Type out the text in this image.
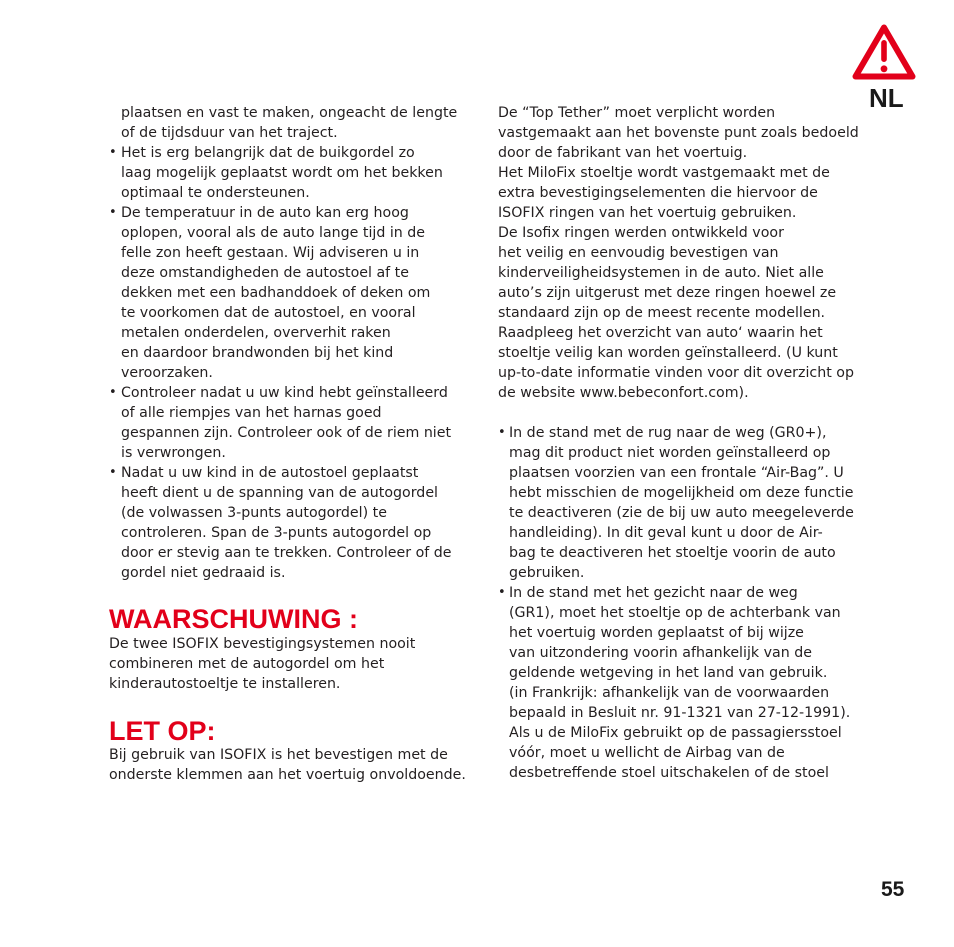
NL
plaatsen en vast te maken, ongeacht de lengte
of de tijdsduur van het traject.
• Het is erg belangrijk dat de buikgordel zo
laag mogelijk geplaatst wordt om het bekken
optimaal te ondersteunen.
• De temperatuur in de auto kan erg hoog
oplopen, vooral als de auto lange tijd in de
felle zon heeft gestaan. Wij adviseren u in
deze omstandigheden de autostoel af te
dekken met een badhanddoek of deken om
te voorkomen dat de autostoel, en vooral
metalen onderdelen, oververhit raken
en daardoor brandwonden bij het kind
veroorzaken.
• Controleer nadat u uw kind hebt geïnstalleerd
of alle riempjes van het harnas goed
gespannen zijn. Controleer ook of de riem niet
is verwrongen.
• Nadat u uw kind in de autostoel geplaatst
heeft dient u de spanning van de autogordel
(de volwassen 3-punts autogordel) te
controleren. Span de 3-punts autogordel op
door er stevig aan te trekken. Controleer of de
gordel niet gedraaid is.
WAARSCHUWING :
De twee ISOFIX bevestigingsystemen nooit
combineren met de autogordel om het
kinderautostoeltje te installeren.
LET OP:
Bij gebruik van ISOFIX is het bevestigen met de
onderste klemmen aan het voertuig onvoldoende.
De “Top Tether” moet verplicht worden
vastgemaakt aan het bovenste punt zoals bedoeld
door de fabrikant van het voertuig.
Het MiloFix stoeltje wordt vastgemaakt met de
extra bevestigingselementen die hiervoor de
ISOFIX ringen van het voertuig gebruiken.
De Isofix ringen werden ontwikkeld voor
het veilig en eenvoudig bevestigen van
kinderveiligheidsystemen in de auto. Niet alle
auto’s zijn uitgerust met deze ringen hoewel ze
standaard zijn op de meest recente modellen.
Raadpleeg het overzicht van auto‘ waarin het
stoeltje veilig kan worden geïnstalleerd. (U kunt
up-to-date informatie vinden voor dit overzicht op
de website www.bebeconfort.com).
• In de stand met de rug naar de weg (GR0+),
mag dit product niet worden geïnstalleerd op
plaatsen voorzien van een frontale “Air-Bag”. U
hebt misschien de mogelijkheid om deze functie
te deactiveren (zie de bij uw auto meegeleverde
handleiding). In dit geval kunt u door de Air-
bag te deactiveren het stoeltje voorin de auto
gebruiken.
• In de stand met het gezicht naar de weg
(GR1), moet het stoeltje op de achterbank van
het voertuig worden geplaatst of bij wijze
van uitzondering voorin afhankelijk van de
geldende wetgeving in het land van gebruik.
(in Frankrijk: afhankelijk van de voorwaarden
bepaald in Besluit nr. 91-1321 van 27-12-1991).
Als u de MiloFix gebruikt op de passagiersstoel
vóór, moet u wellicht de Airbag van de
desbetreffende stoel uitschakelen of de stoel
55
